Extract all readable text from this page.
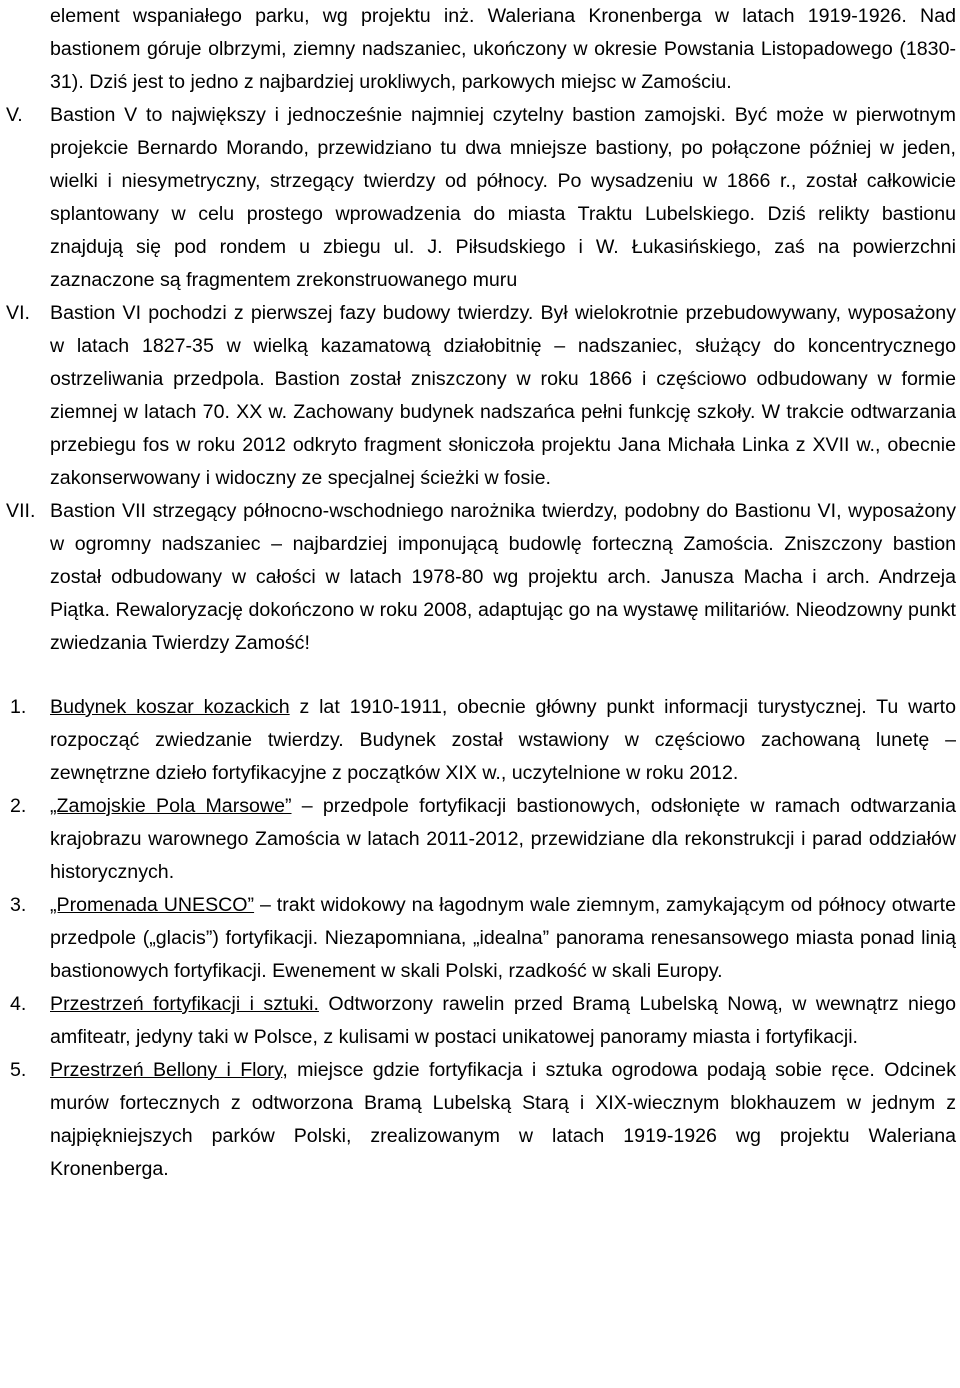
element wspaniałego parku, wg projektu inż. Waleriana Kronenberga w latach 1919-1926. Nad bastionem góruje olbrzymi, ziemny nadszaniec, ukończony w okresie Powstania Listopadowego (1830-31). Dziś jest to jedno z najbardziej urokliwych, parkowych miejsc w Zamościu.
V.	Bastion V to największy i jednocześnie najmniej czytelny bastion zamojski. Być może w pierwotnym projekcie Bernardo Morando, przewidziano tu dwa mniejsze bastiony, po połączone później w jeden, wielki i niesymetryczny, strzegący twierdzy od północy. Po wysadzeniu w 1866 r., został całkowicie splantowany w celu prostego wprowadzenia do miasta Traktu Lubelskiego. Dziś relikty bastionu znajdują się pod rondem u zbiegu ul. J. Piłsudskiego i W. Łukasińskiego, zaś na powierzchni zaznaczone są fragmentem zrekonstruowanego muru
VI.	Bastion VI pochodzi z pierwszej fazy budowy twierdzy. Był wielokrotnie przebudowywany, wyposażony w latach 1827-35 w wielką kazamatową działobitnię – nadszaniec, służący do koncentrycznego ostrzeliwania przedpola. Bastion został zniszczony w roku 1866 i częściowo odbudowany w formie ziemnej w latach 70. XX w. Zachowany budynek nadszańca pełni funkcję szkoły. W trakcie odtwarzania przebiegu fos w roku 2012 odkryto fragment słoniczoła projektu Jana Michała Linka z XVII w., obecnie zakonserwowany i widoczny ze specjalnej ścieżki w fosie.
VII. Bastion VII strzegący północno-wschodniego narożnika twierdzy, podobny do Bastionu VI, wyposażony w ogromny nadszaniec – najbardziej imponującą budowlę forteczną Zamościa. Zniszczony bastion został odbudowany w całości w latach 1978-80 wg projektu arch. Janusza Macha i arch. Andrzeja Piątka. Rewaloryzację dokończono w roku 2008, adaptując go na wystawę militariów. Nieodzowny punkt zwiedzania Twierdzy Zamość!
1.	Budynek koszar kozackich z lat 1910-1911, obecnie główny punkt informacji turystycznej. Tu warto rozpocząć zwiedzanie twierdzy. Budynek został wstawiony w częściowo zachowaną lunetę – zewnętrzne dzieło fortyfikacyjne z początków XIX w., uczytelnione w roku 2012.
2.	„Zamojskie Pola Marsowe” – przedpole fortyfikacji bastionowych, odsłonięte w ramach odtwarzania krajobrazu warownego Zamościa w latach 2011-2012, przewidziane dla rekonstrukcji i parad oddziałów historycznych.
3.	„Promenada UNESCO” – trakt widokowy na łagodnym wale ziemnym, zamykającym od północy otwarte przedpole („glacis”) fortyfikacji. Niezapomniana, „idealna” panorama renesansowego miasta ponad linią bastionowych fortyfikacji. Ewenement w skali Polski, rzadkość w skali Europy.
4.	Przestrzeń fortyfikacji i sztuki. Odtworzony rawelin przed Bramą Lubelską Nową, w wewnątrz niego amfiteatr, jedyny taki w Polsce, z kulisami w postaci unikatowej panoramy miasta i fortyfikacji.
5.	Przestrzeń Bellony i Flory, miejsce gdzie fortyfikacja i sztuka ogrodowa podają sobie ręce. Odcinek murów fortecznych z odtworzona Bramą Lubelską Starą i XIX-wiecznym blokhauzem w jednym z najpiękniejszych parków Polski, zrealizowanym w latach 1919-1926 wg projektu Waleriana Kronenberga.
